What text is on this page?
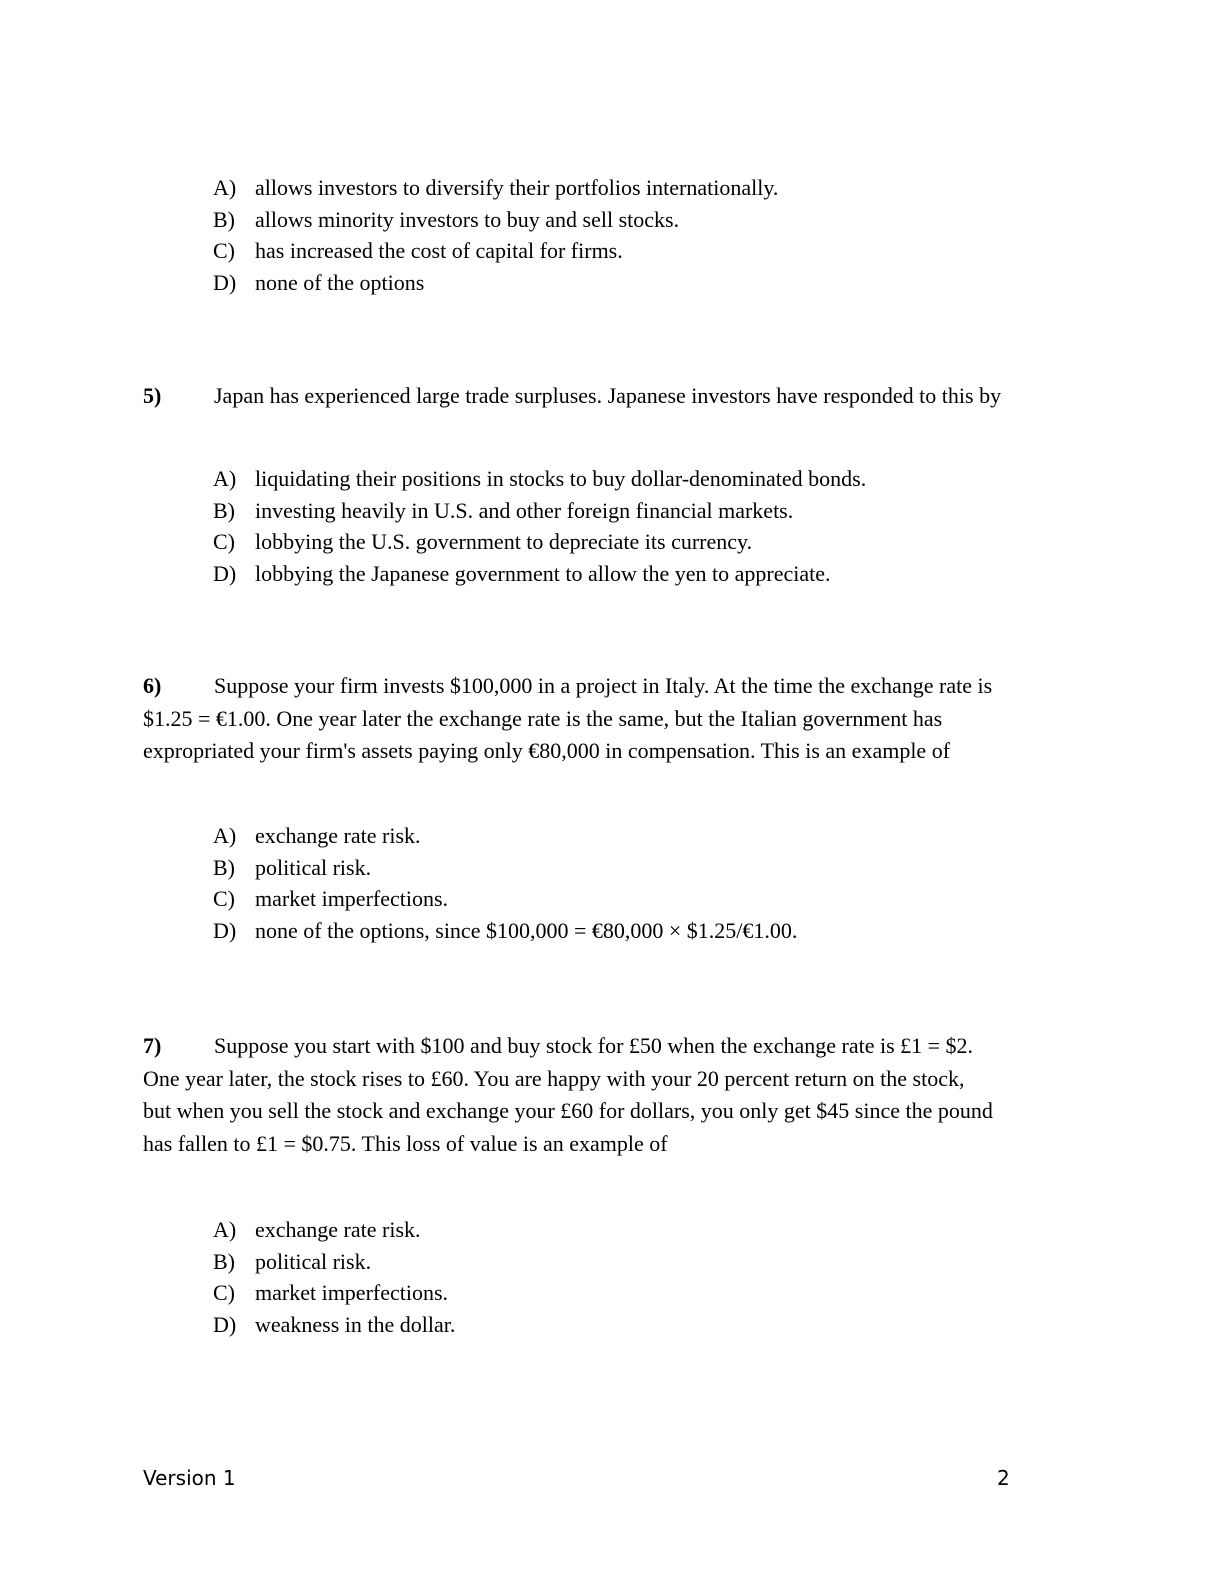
A) allows investors to diversify their portfolios internationally.
B) allows minority investors to buy and sell stocks.
C) has increased the cost of capital for firms.
D) none of the options
5) Japan has experienced large trade surpluses. Japanese investors have responded to this by
A) liquidating their positions in stocks to buy dollar-denominated bonds.
B) investing heavily in U.S. and other foreign financial markets.
C) lobbying the U.S. government to depreciate its currency.
D) lobbying the Japanese government to allow the yen to appreciate.
6) Suppose your firm invests $100,000 in a project in Italy. At the time the exchange rate is
$1.25 = €1.00. One year later the exchange rate is the same, but the Italian government has
expropriated your firm's assets paying only €80,000 in compensation. This is an example of
A) exchange rate risk.
B) political risk.
C) market imperfections.
D) none of the options, since $100,000 = €80,000 × $1.25/€1.00.
7) Suppose you start with $100 and buy stock for £50 when the exchange rate is £1 = $2.
One year later, the stock rises to £60. You are happy with your 20 percent return on the stock,
but when you sell the stock and exchange your £60 for dollars, you only get $45 since the pound
has fallen to £1 = $0.75. This loss of value is an example of
A) exchange rate risk.
B) political risk.
C) market imperfections.
D) weakness in the dollar.
Version 1	2
